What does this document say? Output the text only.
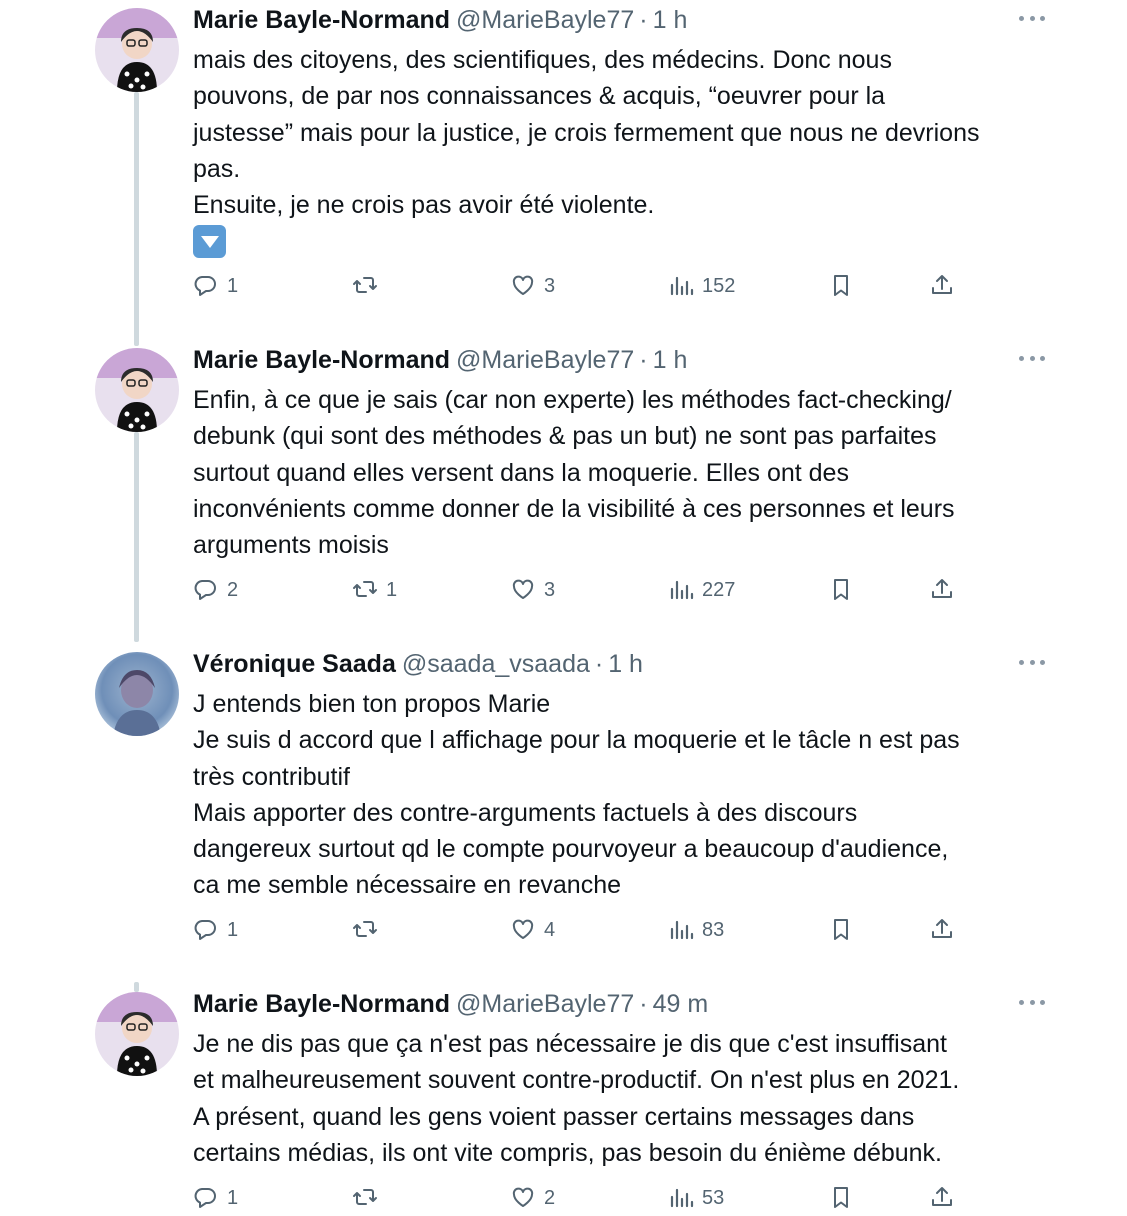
Marie Bayle-Normand @MarieBayle77 · 1 h
mais des citoyens, des scientifiques, des médecins. Donc nous
pouvons, de par nos connaissances & acquis, “oeuvrer pour la
justesse” mais pour la justice, je crois fermement que nous ne devrions
pas.
Ensuite, je ne crois pas avoir été violente.
1	3	152
Marie Bayle-Normand @MarieBayle77 · 1 h
Enfin, à ce que je sais (car non experte) les méthodes fact-checking/
debunk (qui sont des méthodes & pas un but) ne sont pas parfaites
surtout quand elles versent dans la moquerie. Elles ont des
inconvénients comme donner de la visibilité à ces personnes et leurs
arguments moisis
2	1	3	227
Véronique Saada @saada_vsaada · 1 h
J entends bien ton propos Marie
Je suis d accord que l affichage pour la moquerie et le tâcle n est pas
très contributif
Mais apporter des contre-arguments factuels à des discours
dangereux surtout qd le compte pourvoyeur a beaucoup d'audience,
ca me semble nécessaire en revanche
1	4	83
Marie Bayle-Normand @MarieBayle77 · 49 m
Je ne dis pas que ça n'est pas nécessaire je dis que c'est insuffisant
et malheureusement souvent contre-productif. On n'est plus en 2021.
A présent, quand les gens voient passer certains messages dans
certains médias, ils ont vite compris, pas besoin du énième débunk.
1	2	53
